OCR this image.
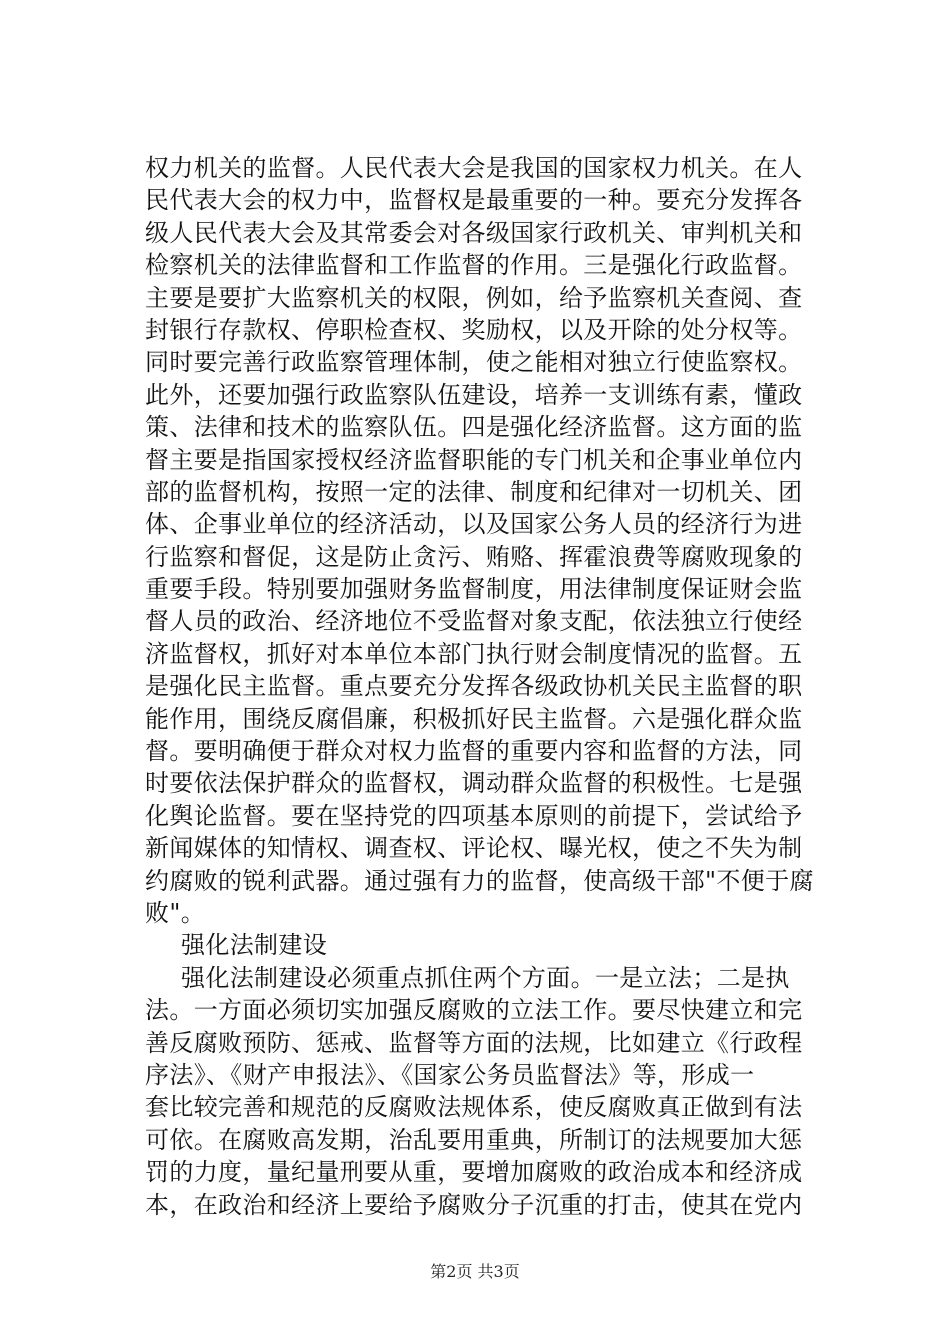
权力机关的监督。人民代表大会是我国的国家权力机关。在人
民代表大会的权力中，监督权是最重要的一种。要充分发挥各
级人民代表大会及其常委会对各级国家行政机关、审判机关和
检察机关的法律监督和工作监督的作用。三是强化行政监督。
主要是要扩大监察机关的权限，例如，给予监察机关查阅、查
封银行存款权、停职检查权、奖励权，以及开除的处分权等。
同时要完善行政监察管理体制，使之能相对独立行使监察权。
此外，还要加强行政监察队伍建设，培养一支训练有素，懂政
策、法律和技术的监察队伍。四是强化经济监督。这方面的监
督主要是指国家授权经济监督职能的专门机关和企事业单位内
部的监督机构，按照一定的法律、制度和纪律对一切机关、团
体、企事业单位的经济活动，以及国家公务人员的经济行为进
行监察和督促，这是防止贪污、贿赂、挥霍浪费等腐败现象的
重要手段。特别要加强财务监督制度，用法律制度保证财会监
督人员的政治、经济地位不受监督对象支配，依法独立行使经
济监督权，抓好对本单位本部门执行财会制度情况的监督。五
是强化民主监督。重点要充分发挥各级政协机关民主监督的职
能作用，围绕反腐倡廉，积极抓好民主监督。六是强化群众监
督。要明确便于群众对权力监督的重要内容和监督的方法，同
时要依法保护群众的监督权，调动群众监督的积极性。七是强
化舆论监督。要在坚持党的四项基本原则的前提下，尝试给予
新闻媒体的知情权、调查权、评论权、曝光权，使之不失为制
约腐败的锐利武器。通过强有力的监督，使高级干部"不便于腐
败"。
强化法制建设
强化法制建设必须重点抓住两个方面。一是立法；二是执
法。一方面必须切实加强反腐败的立法工作。要尽快建立和完
善反腐败预防、惩戒、监督等方面的法规，比如建立《行政程
序法》、《财产申报法》、《国家公务员监督法》等，形成一
套比较完善和规范的反腐败法规体系，使反腐败真正做到有法
可依。在腐败高发期，治乱要用重典，所制订的法规要加大惩
罚的力度，量纪量刑要从重，要增加腐败的政治成本和经济成
本，在政治和经济上要给予腐败分子沉重的打击，使其在党内
第2页 共3页
